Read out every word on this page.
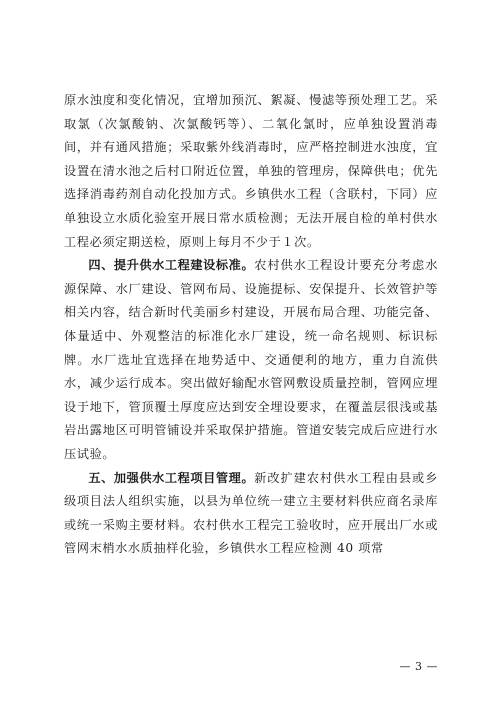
原水浊度和变化情况，宜增加预沉、絮凝、慢滤等预处理工艺。采取氯（次氯酸钠、次氯酸钙等）、二氧化氯时，应单独设置消毒间，并有通风措施；采取紫外线消毒时，应严格控制进水浊度，宜设置在清水池之后村口附近位置，单独的管理房，保障供电；优先选择消毒药剂自动化投加方式。乡镇供水工程（含联村，下同）应单独设立水质化验室开展日常水质检测；无法开展自检的单村供水工程必须定期送检，原则上每月不少于１次。

四、提升供水工程建设标准。农村供水工程设计要充分考虑水源保障、水厂建设、管网布局、设施提标、安保提升、长效管护等相关内容，结合新时代美丽乡村建设，开展布局合理、功能完备、体量适中、外观整洁的标准化水厂建设，统一命名规则、标识标牌。水厂选址宜选择在地势适中、交通便利的地方，重力自流供水，减少运行成本。突出做好输配水管网敷设质量控制，管网应埋设于地下，管顶覆土厚度应达到安全埋设要求，在覆盖层很浅或基岩出露地区可明管铺设并采取保护措施。管道安装完成后应进行水压试验。

五、加强供水工程项目管理。新改扩建农村供水工程由县或乡级项目法人组织实施，以县为单位统一建立主要材料供应商名录库或统一采购主要材料。农村供水工程完工验收时，应开展出厂水或管网末梢水水质抽样化验，乡镇供水工程应检测 40 项常

— 3 —
